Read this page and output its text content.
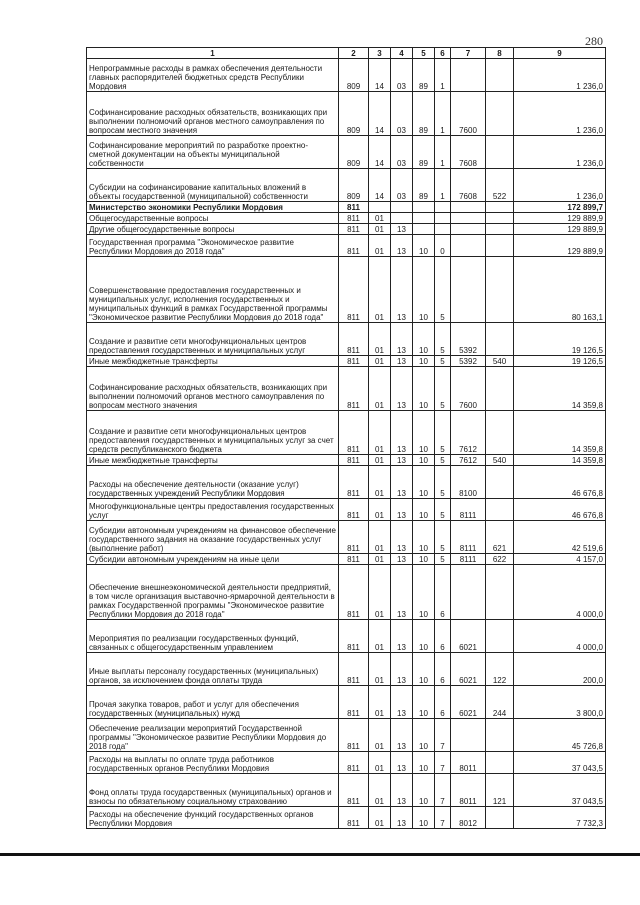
280
1	2	3	4	5	6	7	8	9
Непрограммные расходы в рамках обеспечения деятельности главных распорядителей бюджетных средств Республики Мордовия	809	14	03	89	1			1 236,0
Софинансирование расходных обязательств, возникающих при выполнении полномочий органов местного самоуправления по вопросам местного значения	809	14	03	89	1	7600		1 236,0
Софинансирование мероприятий по разработке проектно-сметной документации на объекты муниципальной собственности	809	14	03	89	1	7608		1 236,0
Субсидии на софинансирование капитальных вложений в объекты государственной (муниципальной) собственности	809	14	03	89	1	7608	522	1 236,0
Министерство экономики Республики Мордовия	811							172 899,7
Общегосударственные вопросы	811	01						129 889,9
Другие общегосударственные вопросы	811	01	13					129 889,9
Государственная программа "Экономическое развитие Республики Мордовия до 2018 года"	811	01	13	10	0			129 889,9
Совершенствование предоставления государственных и муниципальных услуг, исполнения государственных и муниципальных функций в рамках Государственной программы "Экономическое развитие Республики Мордовия до 2018 года"	811	01	13	10	5			80 163,1
Создание и развитие сети многофункциональных центров предоставления государственных и муниципальных услуг	811	01	13	10	5	5392		19 126,5
Иные межбюджетные трансферты	811	01	13	10	5	5392	540	19 126,5
Софинансирование расходных обязательств, возникающих при выполнении полномочий органов местного самоуправления по вопросам местного значения	811	01	13	10	5	7600		14 359,8
Создание и развитие сети многофункциональных центров предоставления государственных и муниципальных услуг за счет средств республиканского бюджета	811	01	13	10	5	7612		14 359,8
Иные межбюджетные трансферты	811	01	13	10	5	7612	540	14 359,8
Расходы на обеспечение деятельности (оказание услуг) государственных учреждений Республики Мордовия	811	01	13	10	5	8100		46 676,8
Многофункциональные центры предоставления государственных услуг	811	01	13	10	5	8111		46 676,8
Субсидии автономным учреждениям на финансовое обеспечение государственного задания на оказание государственных услуг (выполнение работ)	811	01	13	10	5	8111	621	42 519,6
Субсидии автономным учреждениям на иные цели	811	01	13	10	5	8111	622	4 157,0
Обеспечение внешнеэкономической деятельности предприятий, в том числе организация выставочно-ярмарочной деятельности в рамках Государственной программы "Экономическое развитие Республики Мордовия до 2018 года"	811	01	13	10	6			4 000,0
Мероприятия по реализации государственных функций, связанных с общегосударственным управлением	811	01	13	10	6	6021		4 000,0
Иные выплаты персоналу государственных (муниципальных) органов, за исключением фонда оплаты труда	811	01	13	10	6	6021	122	200,0
Прочая закупка товаров, работ и услуг для обеспечения государственных (муниципальных) нужд	811	01	13	10	6	6021	244	3 800,0
Обеспечение реализации мероприятий Государственной программы "Экономическое развитие Республики Мордовия до 2018 года"	811	01	13	10	7			45 726,8
Расходы на выплаты по оплате труда работников государственных органов Республики Мордовия	811	01	13	10	7	8011		37 043,5
Фонд оплаты труда государственных (муниципальных) органов и взносы по обязательному социальному страхованию	811	01	13	10	7	8011	121	37 043,5
Расходы на обеспечение функций государственных органов Республики Мордовия	811	01	13	10	7	8012		7 732,3
